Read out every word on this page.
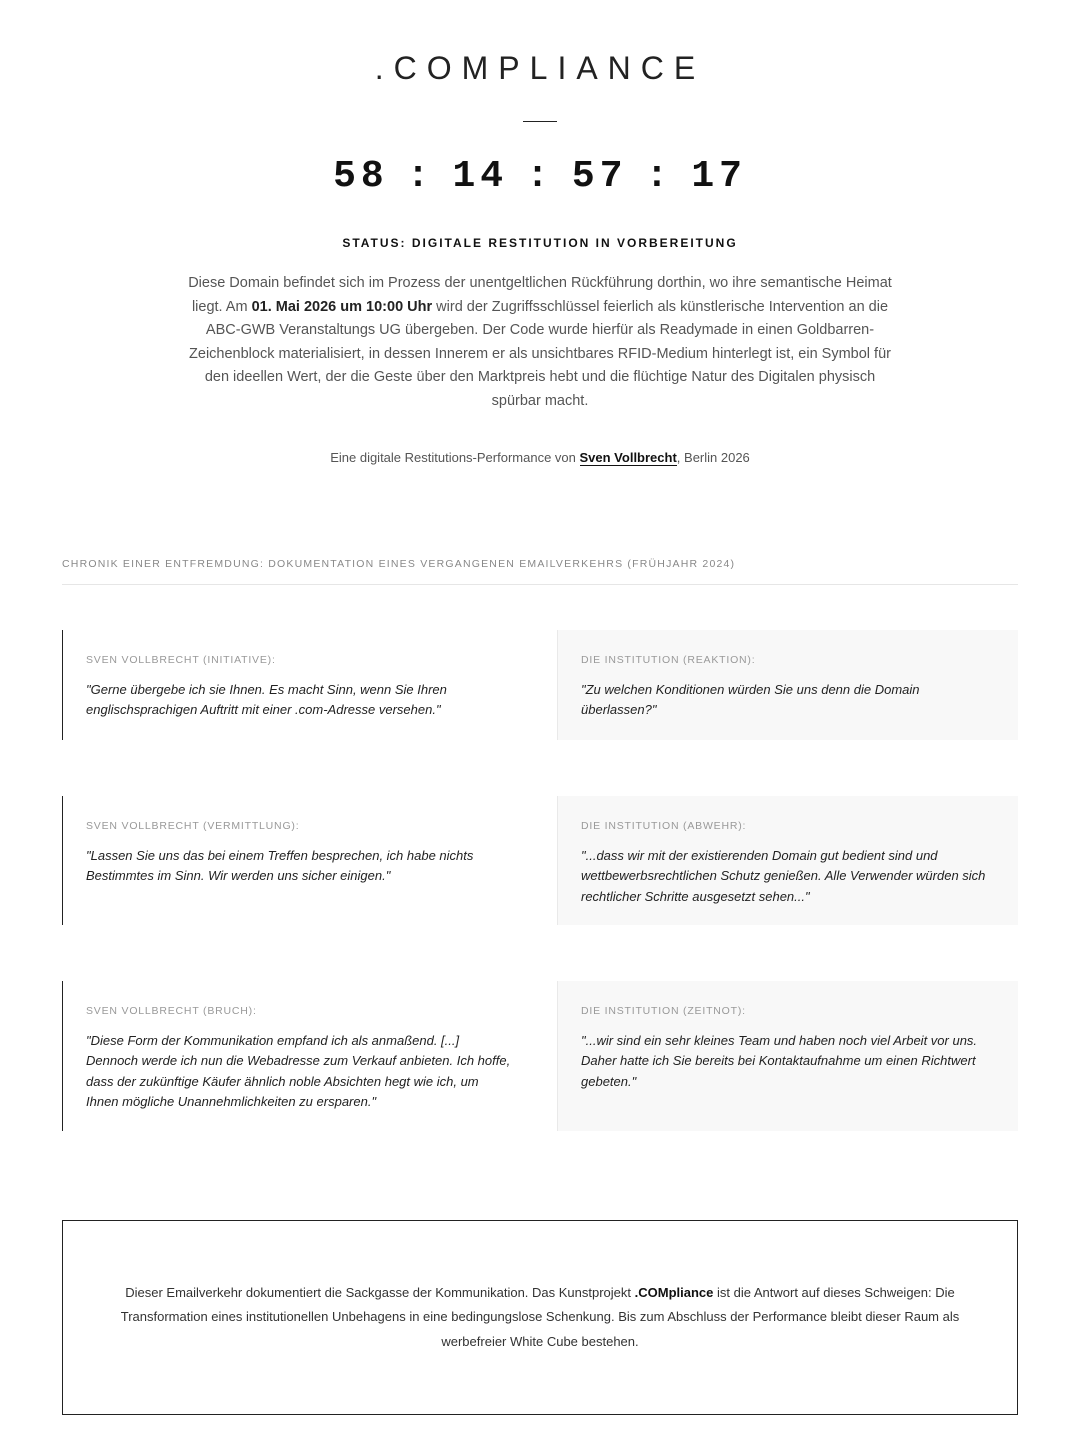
.COMPLIANCE
58 : 14 : 57 : 17
STATUS: DIGITALE RESTITUTION IN VORBEREITUNG
Diese Domain befindet sich im Prozess der unentgeltlichen Rückführung dorthin, wo ihre semantische Heimat liegt. Am 01. Mai 2026 um 10:00 Uhr wird der Zugriffsschlüssel feierlich als künstlerische Intervention an die ABC-GWB Veranstaltungs UG übergeben. Der Code wurde hierfür als Readymade in einen Goldbarren-Zeichenblock materialisiert, in dessen Innerem er als unsichtbares RFID-Medium hinterlegt ist, ein Symbol für den ideellen Wert, der die Geste über den Marktpreis hebt und die flüchtige Natur des Digitalen physisch spürbar macht.
Eine digitale Restitutions-Performance von Sven Vollbrecht, Berlin 2026
CHRONIK EINER ENTFREMDUNG: DOKUMENTATION EINES VERGANGENEN EMAILVERKEHRS (FRÜHJAHR 2024)
SVEN VOLLBRECHT (INITIATIVE):
"Gerne übergebe ich sie Ihnen. Es macht Sinn, wenn Sie Ihren englischsprachigen Auftritt mit einer .com-Adresse versehen."
DIE INSTITUTION (REAKTION):
"Zu welchen Konditionen würden Sie uns denn die Domain überlassen?"
SVEN VOLLBRECHT (VERMITTLUNG):
"Lassen Sie uns das bei einem Treffen besprechen, ich habe nichts Bestimmtes im Sinn. Wir werden uns sicher einigen."
DIE INSTITUTION (ABWEHR):
"...dass wir mit der existierenden Domain gut bedient sind und wettbewerbsrechtlichen Schutz genießen. Alle Verwender würden sich rechtlicher Schritte ausgesetzt sehen..."
SVEN VOLLBRECHT (BRUCH):
"Diese Form der Kommunikation empfand ich als anmaßend. [...] Dennoch werde ich nun die Webadresse zum Verkauf anbieten. Ich hoffe, dass der zukünftige Käufer ähnlich noble Absichten hegt wie ich, um Ihnen mögliche Unannehmlichkeiten zu ersparen."
DIE INSTITUTION (ZEITNOT):
"...wir sind ein sehr kleines Team und haben noch viel Arbeit vor uns. Daher hatte ich Sie bereits bei Kontaktaufnahme um einen Richtwert gebeten."
Dieser Emailverkehr dokumentiert die Sackgasse der Kommunikation. Das Kunstprojekt .COMpliance ist die Antwort auf dieses Schweigen: Die Transformation eines institutionellen Unbehagens in eine bedingungslose Schenkung. Bis zum Abschluss der Performance bleibt dieser Raum als werbefreier White Cube bestehen.
